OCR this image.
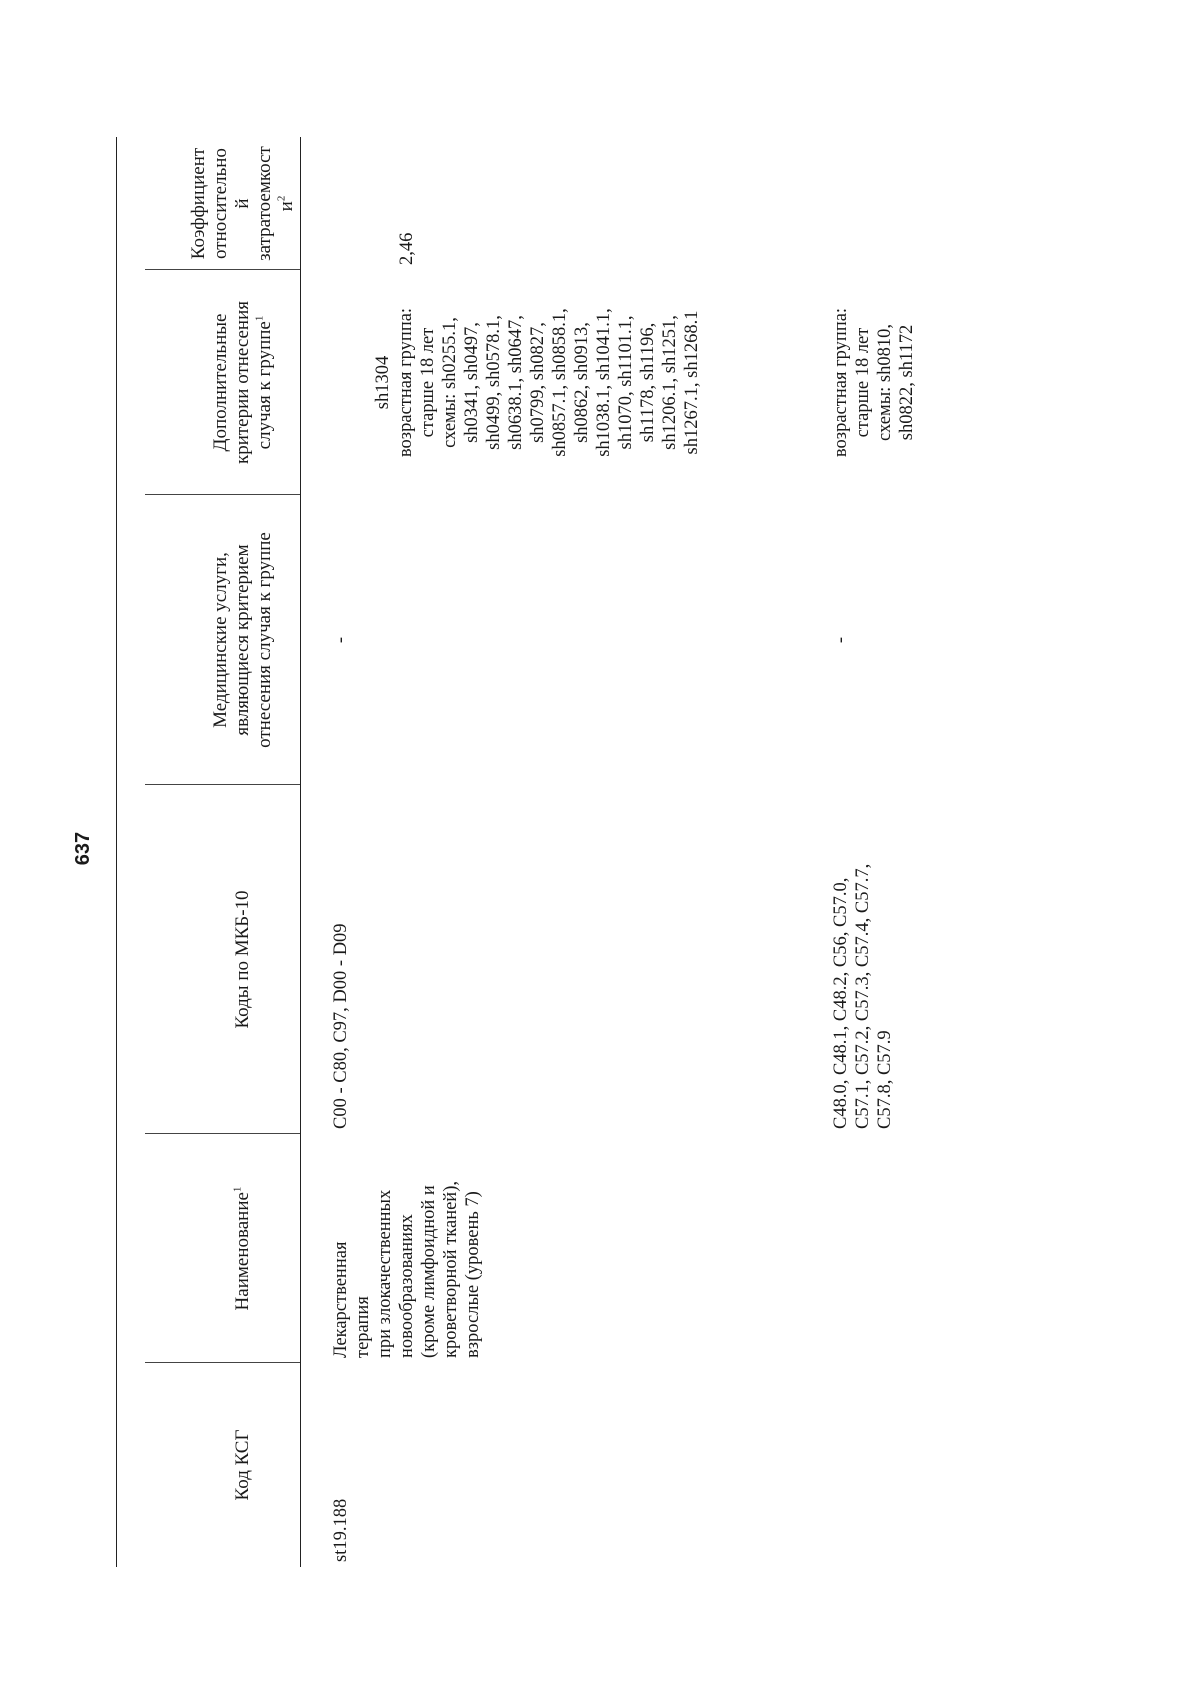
637
Код КСГ
Наименование$^1$
Коды по МКБ-10
Медицинские услуги, являющиеся критерием отнесения случая к группе
Дополнительные критерии отнесения случая к группе$^1$
Коэффициент относительно
й
затратоемкост
$и^2$
st19.188
Лекарственная
терапия
при злокачественных
новообразованиях
(кроме лимфоидной и
кроветворной тканей),
взрослые (уровень 7)
C00 - C80, C97, D00 - D09
-
sh1304 возрастная группа:
старше 18 лет
схемы: sh0255.1,
sh0341, sh0497,
sh0499, sh0578.1,
sh0638.1, sh0647,
sh0799, sh0827,
sh0857.1, sh0858.1,
sh0862, sh0913,
sh1038.1, sh1041.1,
sh1070, sh1101.1,
sh1178, sh1196,
sh1206.1, sh1251,
sh1267.1, sh1268.1
2,46
C48.0, C48.1, C48.2, C56, C57.0,
C57.1, C57.2, C57.3, C57.4, C57.7,
C57.8, C57.9
-
возрастная группа:
старше 18 лет
схемы: sh0810,
sh0822, sh1172
